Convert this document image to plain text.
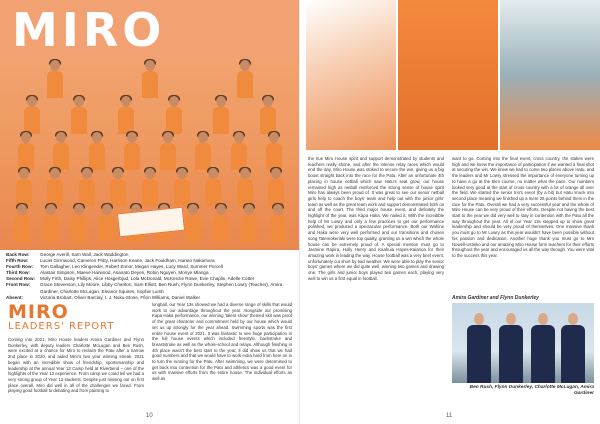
MIRO
Back Row:	George Averill, Sam Wall, Jack Waddington
Fifth Row:	Lucas Girrnwood, Cameron Pritty, Harrison Keane, Jack Fouldham, Haruto Nakamura
Fourth Row:	Tom Gallagher, Leo Klingender, Robert Ennor, Megan Hayes, Lucy Ward, Summer Purcell
Third Row:	Alastair Simpson, Maeve Harwood, Asanato Deyen, Robin Nguyen, Monye Mlanga
Second Row:	Molly Firth, Daisy Phillips, Alice Hosgerbjud, Lola McDonald, McKenzie Rowe, Evie Chaplin, Adelle Cotter
Front Row:	Grace Stevenson, Lily Moore, Libby Charlton, Sam Elliott, Ben Rush, Flynn Dunkerley, Stephen Lowry (Teacher), Amira Gardiner, Charlotte McLugan, Eleanor Squires, Sophie Lumb
Absent:	Victoria Brobart, Oliver Barclay, I. J. Nuku-Stone, Ffion Williams, Daniel Walker
MIRO
LEADERS' REPORT
Coming into 2021, Miro House leaders Amira Gardiner and Flynn Dunkerley, with deputy leaders Charlotte McLugan and Ben Rush, were excited at a chance for Miro to reclaim the Patu after a narrow 2nd place in 2020, and aided Miro's two year winning streak. 2021 began with an incredible show of friendship, sportsmanship and leadership at the annual Year 13 Camp held at Riverbend – one of the highlights of the Year 13 experience. From camp we could tell we had a very strong group of Year 13 students. Despite just missing out on first place overall, Miro did well in all of the challenges we faced. From playing good football to debating and from painting to
longball, our Year 13s showed we had a diverse range of skills that would work to our advantage throughout the year. Alongside our promising Kapa Haka performance, our winning 'talent show' themed skit was proof of the great character and commitment held by our house which would set us up strongly for the year ahead. Swimming sports was the first entire house event of 2021. It was fantastic to see huge participation in the full house events which included freestyle, backstroke and breaststroke as well as the whole-school and relays. Although finishing in 4th place wasn't the best start to the year, it did show us that we had good numbers and that we would have to work extra hard from here on in to turn the running for the Patu. After swimming, we were determined to get back into contention for the Patu and athletics was a good event for us with massive efforts from the entire house. The individual efforts as well as
10
the true Miro House spirit and support demonstrated by students and teachers really shone, and after the intense relay races which would end the day, Miro House was stoked to secure the win, giving us a big boost straight back into the race for the Patu. After an unfortunate 4th placing in house netball which saw Hatu's seat grow, our house remained high as netball reinforced the strong sense of house spirit Miro has always been proud of. It was great to see our senior netball girls help to coach the boys' team and help out with the junior girls' team as well as the great team work and support demonstrated both on and off the court. The third major house event, and definitely the highlight of the year, was Kapa Haka. We nailed it. With the incredible help of Mr Lowry and only a few practices to get our performance polished, we produced a spectacular performance. Both our Wahine and Haka were very well performed and our transitions and chosen song Tatemokeriaki were top quality, granting us a win which the whole house can be extremely proud of. A special mention must go to Jasmine Rapira, Holly Henry and Kaahuia Hayes-Kaianoa for their amazing work in leading the way. House football was a very brief event, unfortunately cut short by bad weather. We were able to play the senior boys' games where we did quite well, winning two games and drawing one. The girls and junior boys played two games each, playing very well to win us a first equal in football.
want to go. Coming into the final event, cross country, the stakes were high and we knew the importance of participation if we wanted a final shot at securing the win. We knew we had to come two places above Hatu, and the leaders and Mr Lowry stressed the importance of everyone turning up to have a go at the 5km course, no matter what the pace. Our numbers looked very good at the start of cross country with a lot of orange all over the field. We started the senior trio's event (by a bit) but Hatu snuck into second place meaning we finished up a mere 25 points behind them in the race for the Patu. Overall we had a very successful year and the whole of Miro House can be very proud of their efforts. Despite not having the best start to the year we did very well to stay in contention with the Patu all the way throughout the year. All of our Year 13s stepped up to show great leadership and should be very proud of themselves. One massive thank you must go to Mr Lowry as this year wouldn't have been possible without his passion and dedication. Another huge thank you must go to Mrs Nowell-Ustinko and our amazing Miro House form teachers for their efforts throughout the year and encouraged us all the way through. You were vital to the success this year.
Amira Gardiner and Flynn Dunkerley
Ben Rush, Flynn Dunkerley, Charlotte McLugan, Amira Gardiner
11
